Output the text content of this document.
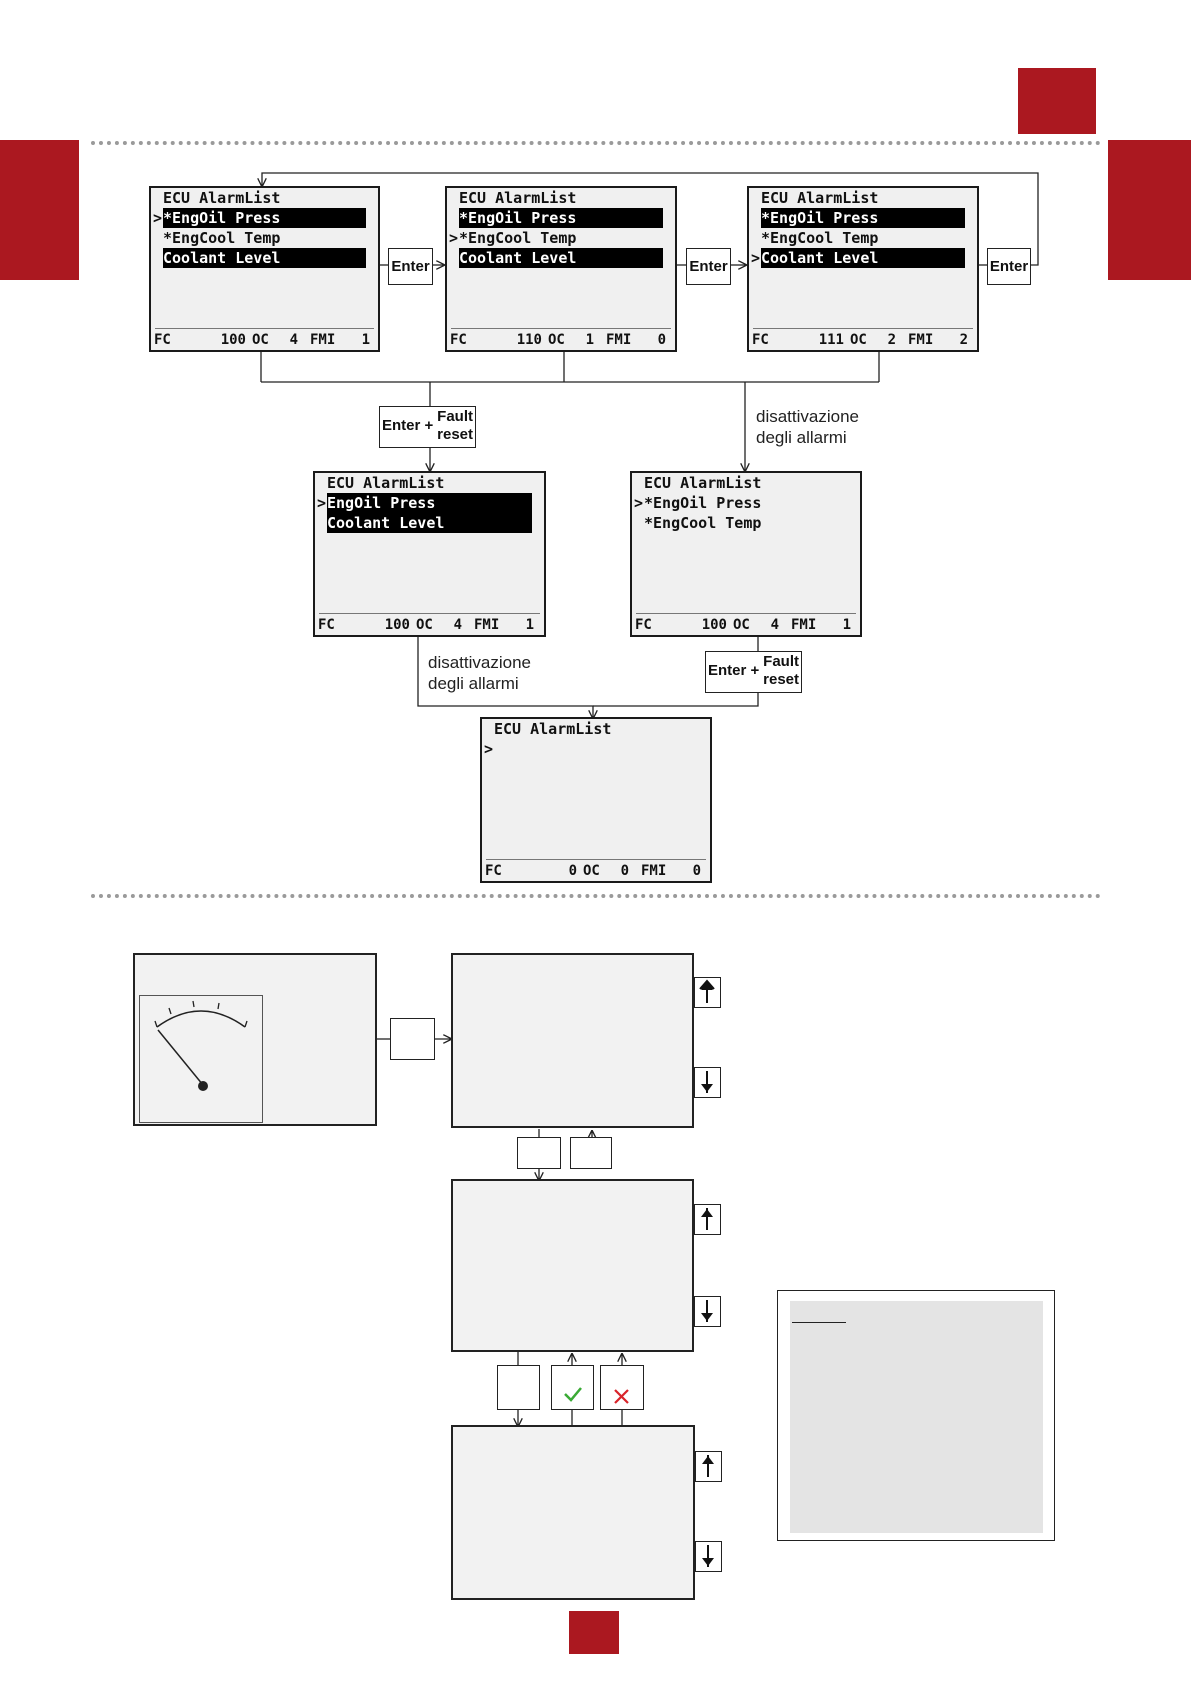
ECU AlarmList
*EngOil Press
>
*EngCool Temp
Coolant Level
FC	100 OC 4 FMI 1
ECU AlarmList
*EngOil Press
*EngCool Temp
>
Coolant Level
FC	110 OC 1 FMI 0
ECU AlarmList
*EngOil Press
*EngCool Temp
Coolant Level
>
FC	111 OC 2 FMI 2
Enter	Enter	Enter
Enter +
Fault
reset
disattivazione
degli allarmi
ECU AlarmList
EngOil Press
>
Coolant Level
FC	100 OC 4 FMI 1
ECU AlarmList
*EngOil Press
>
*EngCool Temp
FC	100 OC 4 FMI 1
disattivazione
degli allarmi
Enter +
Fault
reset
ECU AlarmList
>
FC	0 OC 0 FMI 0
